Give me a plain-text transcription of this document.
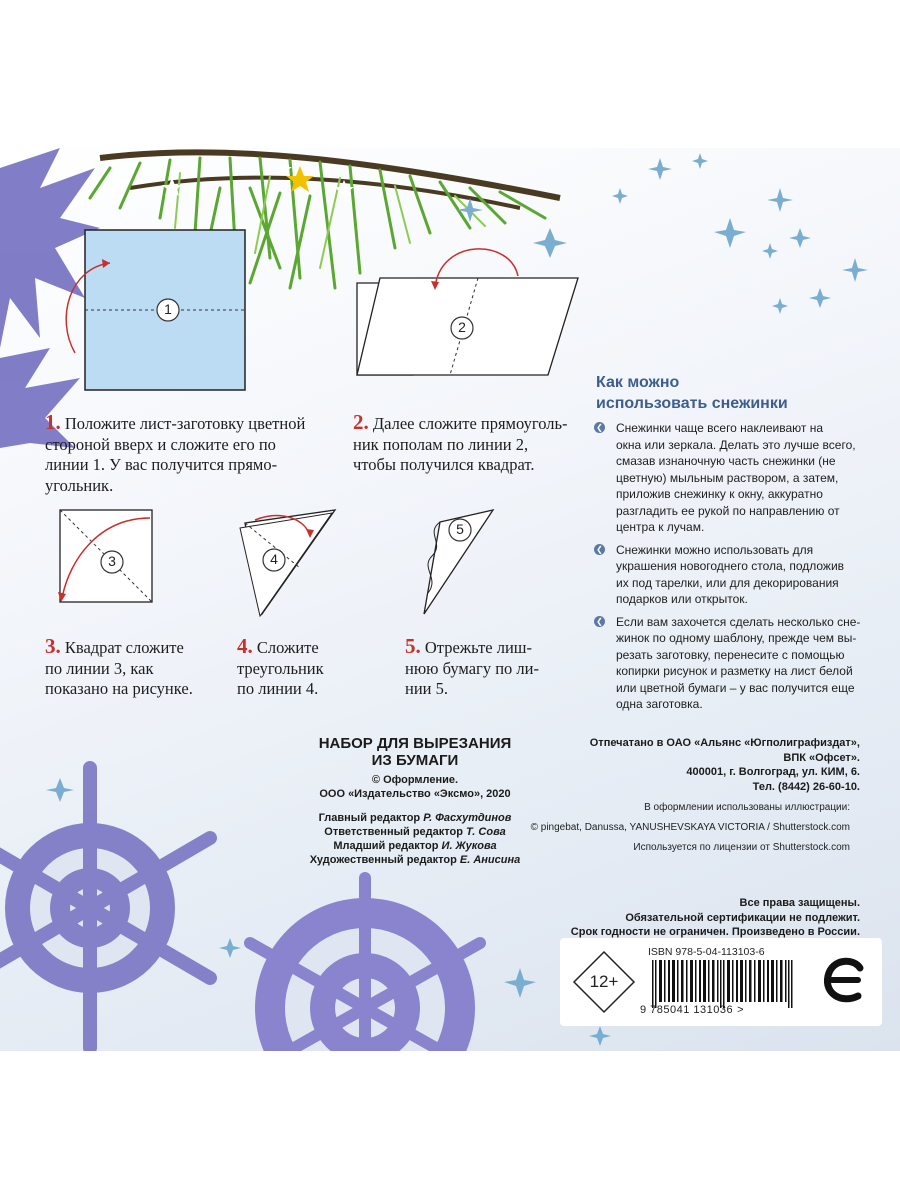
1
2
3	4
5
1. Положите лист-заготовку цветной
стороной вверх и сложите его по
линии 1. У вас получится прямо-
угольник.
2. Далее сложите прямоуголь-
ник пополам по линии 2,
чтобы получился квадрат.
3. Квадрат сложите
по линии 3, как
показано на рисунке.
4. Сложите
треугольник
по линии 4.
5. Отрежьте лиш-
нюю бумагу по ли-
нии 5.
Как можно
использовать снежинки
❮ Снежинки чаще всего наклеивают на
окна или зеркала. Делать это лучше всего,
смазав изнаночную часть снежинки (не
цветную) мыльным раствором, а затем,
приложив снежинку к окну, аккуратно
разгладить ее рукой по направлению от
центра к лучам.
❮ Снежинки можно использовать для
украшения новогоднего стола, подложив
их под тарелки, или для декорирования
подарков или открыток.
❮ Если вам захочется сделать несколько сне-
жинок по одному шаблону, прежде чем вы-
резать заготовку, перенесите с помощью
копирки рисунок и разметку на лист белой
или цветной бумаги – у вас получится еще
одна заготовка.
НАБОР ДЛЯ ВЫРЕЗАНИЯ
ИЗ БУМАГИ
© Оформление.
ООО «Издательство «Эксмо», 2020
Главный редактор Р. Фасхутдинов
Ответственный редактор Т. Сова
Младший редактор И. Жукова
Художественный редактор Е. Анисина
Отпечатано в ОАО «Альянс «Югполиграфиздат»,
ВПК «Офсет».
400001, г. Волгоград, ул. КИМ, 6.
Тел. (8442) 26-60-10.
В оформлении использованы иллюстрации:
© pingebat, Danussa, YANUSHEVSKAYA VICTORIA / Shutterstock.com
Используется по лицензии от Shutterstock.com
Все права защищены.
Обязательной сертификации не подлежит.
Срок годности не ограничен. Произведено в России.
12+
ISBN 978-5-04-113103-6
9 785041 131036 >
